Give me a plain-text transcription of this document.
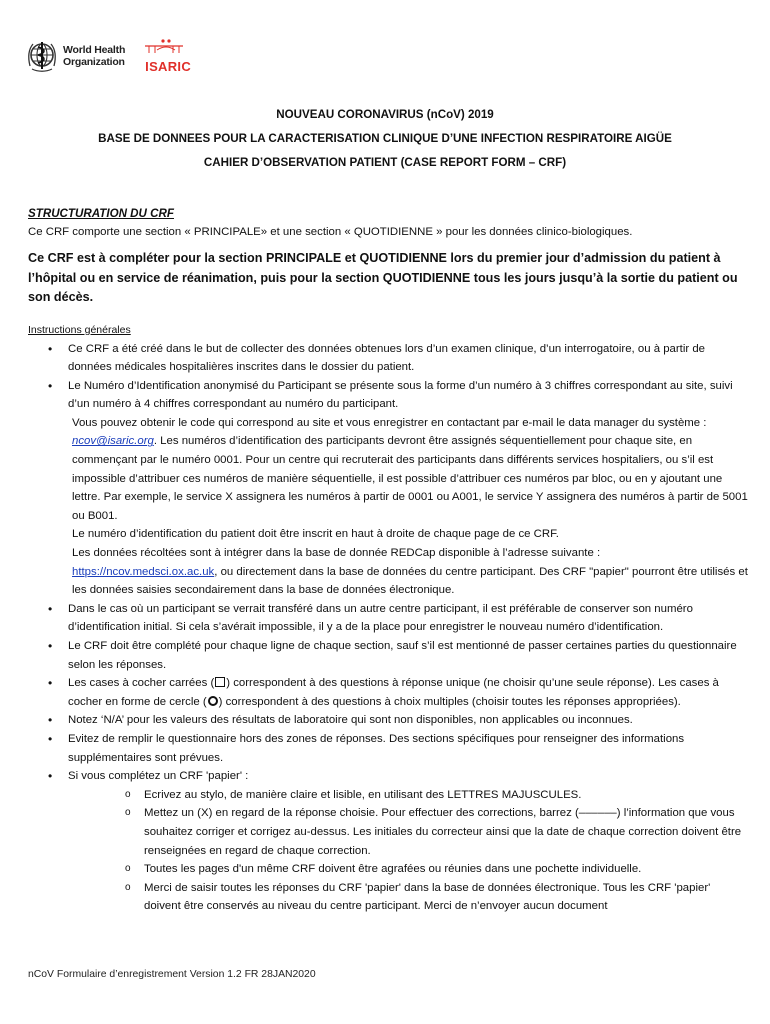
World Health
Organization ISARIC
NOUVEAU CORONAVIRUS (nCoV) 2019
BASE DE DONNEES POUR LA CARACTERISATION CLINIQUE D’UNE INFECTION RESPIRATOIRE AIGÜE
CAHIER D’OBSERVATION PATIENT (CASE REPORT FORM – CRF)
STRUCTURATION DU CRF
Ce CRF comporte une section « PRINCIPALE» et une section « QUOTIDIENNE » pour les données clinico-biologiques.
Ce CRF est à compléter pour la section PRINCIPALE et QUOTIDIENNE lors du premier jour d’admission du patient à l’hôpital ou en service de réanimation, puis pour la section QUOTIDIENNE tous les jours jusqu’à la sortie du patient ou son décès.
Instructions générales
• Ce CRF a été créé dans le but de collecter des données obtenues lors d’un examen clinique, d’un interrogatoire, ou à partir de données médicales hospitalières inscrites dans le dossier du patient.
• Le Numéro d’Identification anonymisé du Participant se présente sous la forme d’un numéro à 3 chiffres correspondant au site, suivi d’un numéro à 4 chiffres correspondant au numéro du participant.
Vous pouvez obtenir le code qui correspond au site et vous enregistrer en contactant par e-mail le data manager du système : ncov@isaric.org. Les numéros d’identification des participants devront être assignés séquentiellement pour chaque site, en commençant par le numéro 0001. Pour un centre qui recruterait des participants dans différents services hospitaliers, ou s’il est impossible d’attribuer ces numéros de manière séquentielle, il est possible d’attribuer ces numéros par bloc, ou en y ajoutant une lettre. Par exemple, le service X assignera les numéros à partir de 0001 ou A001, le service Y assignera des numéros à partir de 5001 ou B001.
Le numéro d’identification du patient doit être inscrit en haut à droite de chaque page de ce CRF.
Les données récoltées sont à intégrer dans la base de donnée REDCap disponible à l’adresse suivante : https://ncov.medsci.ox.ac.uk, ou directement dans la base de données du centre participant. Des CRF "papier" pourront être utilisés et les données saisies secondairement dans la base de données électronique.
• Dans le cas où un participant se verrait transféré dans un autre centre participant, il est préférable de conserver son numéro d’identification initial. Si cela s’avérait impossible, il y a de la place pour enregistrer le nouveau numéro d’identification.
• Le CRF doit être complété pour chaque ligne de chaque section, sauf s’il est mentionné de passer certaines parties du questionnaire selon les réponses.
• Les cases à cocher carrées ( ) correspondent à des questions à réponse unique (ne choisir qu’une seule réponse). Les cases à cocher en forme de cercle ( ) correspondent à des questions à choix multiples (choisir toutes les réponses appropriées).
• Notez ‘N/A’ pour les valeurs des résultats de laboratoire qui sont non disponibles, non applicables ou inconnues.
• Evitez de remplir le questionnaire hors des zones de réponses. Des sections spécifiques pour renseigner des informations supplémentaires sont prévues.
• Si vous complétez un CRF 'papier' :
o Ecrivez au stylo, de manière claire et lisible, en utilisant des LETTRES MAJUSCULES.
o Mettez un (X) en regard de la réponse choisie. Pour effectuer des corrections, barrez (––––––) l’information que vous souhaitez corriger et corrigez au-dessus. Les initiales du correcteur ainsi que la date de chaque correction doivent être renseignées en regard de chaque correction.
o Toutes les pages d'un même CRF doivent être agrafées ou réunies dans une pochette individuelle.
o Merci de saisir toutes les réponses du CRF 'papier' dans la base de données électronique. Tous les CRF 'papier' doivent être conservés au niveau du centre participant. Merci de n’envoyer aucun document
nCoV Formulaire d’enregistrement Version 1.2 FR 28JAN2020
